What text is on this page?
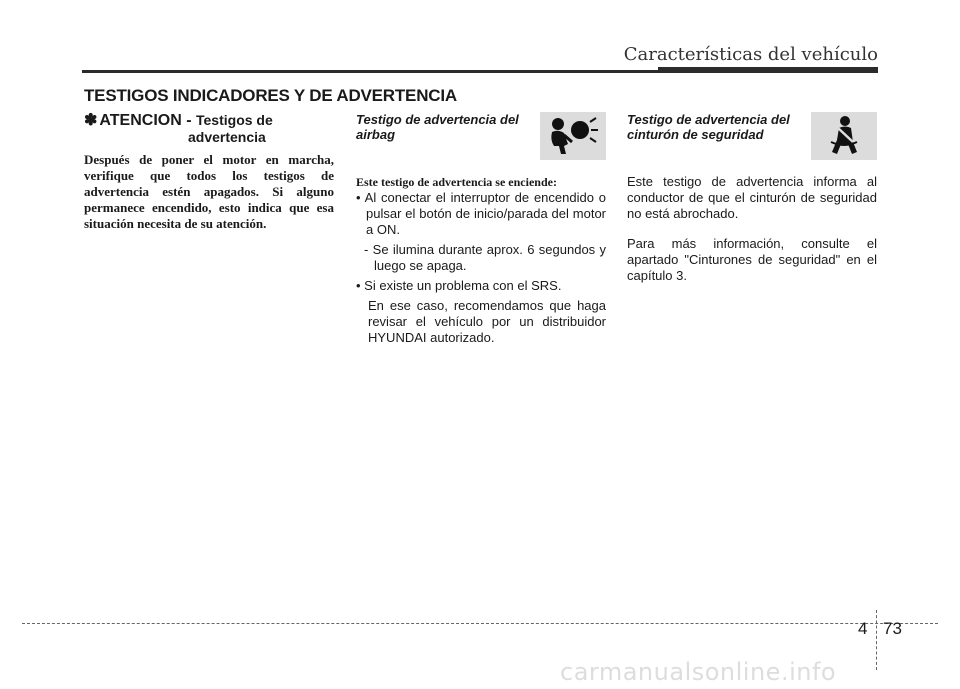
Características del vehículo
TESTIGOS INDICADORES Y DE ADVERTENCIA
✽ ATENCION - Testigos de
advertencia
Después de poner el motor en marcha, verifique que todos los testigos de advertencia estén apagados. Si alguno permanece encendido, esto indica que esa situación necesita de su atención.
Testigo de advertencia del airbag
Este testigo de advertencia se enciende:
• Al conectar el interruptor de encendido o pulsar el botón de inicio/parada del motor a ON.
- Se ilumina durante aprox. 6 segundos y luego se apaga.
• Si existe un problema con el SRS.
En ese caso, recomendamos que haga revisar el vehículo por un distribuidor HYUNDAI autorizado.
Testigo de advertencia del cinturón de seguridad
Este testigo de advertencia informa al conductor de que el cinturón de seguridad no está abrochado.
Para más información, consulte el apartado "Cinturones de seguridad" en el capítulo 3.
4 73
carmanualsonline.info
